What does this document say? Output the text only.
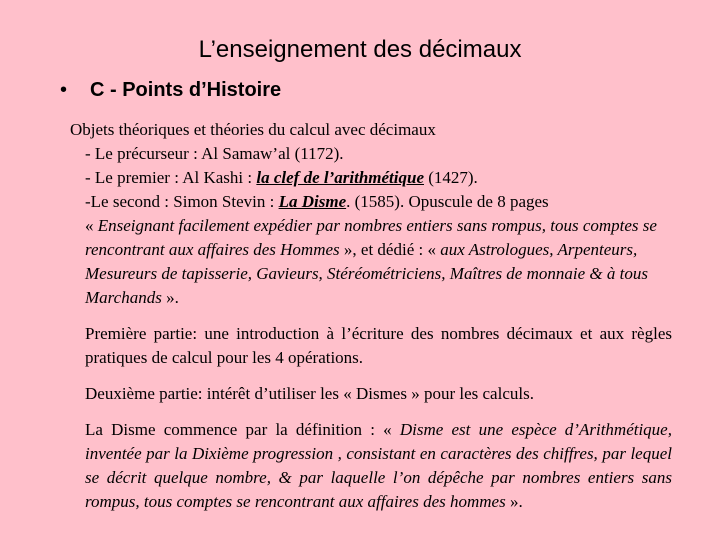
L’enseignement des décimaux
• C - Points d’Histoire
Objets théoriques et théories du calcul avec décimaux
- Le précurseur : Al Samaw’al (1172).
- Le premier : Al Kashi : la clef de l’arithmétique (1427).
-Le second : Simon Stevin : La Disme. (1585). Opuscule de 8 pages
« Enseignant facilement expédier par nombres entiers sans rompus, tous comptes se rencontrant aux affaires des Hommes », et dédié : « aux Astrologues, Arpenteurs, Mesureurs de tapisserie, Gavieurs, Stéréométriciens, Maîtres de monnaie & à tous Marchands ».
Première partie: une introduction à l’écriture des nombres décimaux et aux règles pratiques de calcul pour les 4 opérations.
Deuxième partie: intérêt d’utiliser les « Dismes » pour les calculs.
La Disme commence par la définition : « Disme est une espèce d’Arithmétique, inventée par la Dixième progression , consistant en caractères des chiffres, par lequel se décrit quelque nombre, & par laquelle l’on dépêche par nombres entiers sans rompus, tous comptes se rencontrant aux affaires des hommes ».
